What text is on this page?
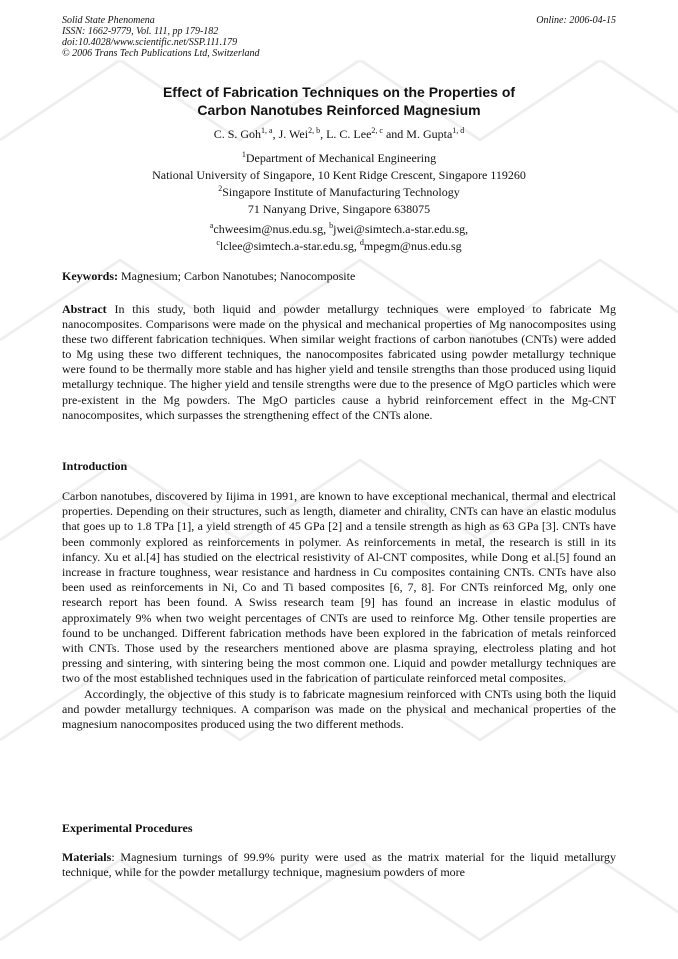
Solid State Phenomena
ISSN: 1662-9779, Vol. 111, pp 179-182
doi:10.4028/www.scientific.net/SSP.111.179
© 2006 Trans Tech Publications Ltd, Switzerland
Online: 2006-04-15
Effect of Fabrication Techniques on the Properties of
Carbon Nanotubes Reinforced Magnesium
C. S. Goh$^{1, a}$, J. Wei$^{2, b}$, L. C. Lee$^{2, c}$ and M. Gupta$^{1, d}$
$^1$Department of Mechanical Engineering
National University of Singapore, 10 Kent Ridge Crescent, Singapore 119260
$^2$Singapore Institute of Manufacturing Technology
71 Nanyang Drive, Singapore 638075
$^a$chweesim@nus.edu.sg, $^b$jwei@simtech.a-star.edu.sg,
$^c$lclee@simtech.a-star.edu.sg, $^d$mpegm@nus.edu.sg
Keywords: Magnesium; Carbon Nanotubes; Nanocomposite

Abstract In this study, both liquid and powder metallurgy techniques were employed to fabricate Mg nanocomposites. Comparisons were made on the physical and mechanical properties of Mg nanocomposites using these two different fabrication techniques. When similar weight fractions of carbon nanotubes (CNTs) were added to Mg using these two different techniques, the nanocomposites fabricated using powder metallurgy technique were found to be thermally more stable and has higher yield and tensile strengths than those produced using liquid metallurgy technique. The higher yield and tensile strengths were due to the presence of MgO particles which were pre-existent in the Mg powders. The MgO particles cause a hybrid reinforcement effect in the Mg-CNT nanocomposites, which surpasses the strengthening effect of the CNTs alone.

Introduction

Carbon nanotubes, discovered by Iijima in 1991, are known to have exceptional mechanical, thermal and electrical properties. Depending on their structures, such as length, diameter and chirality, CNTs can have an elastic modulus that goes up to 1.8 TPa [1], a yield strength of 45 GPa [2] and a tensile strength as high as 63 GPa [3]. CNTs have been commonly explored as reinforcements in polymer. As reinforcements in metal, the research is still in its infancy. Xu et al.[4] has studied on the electrical resistivity of Al-CNT composites, while Dong et al.[5] found an increase in fracture toughness, wear resistance and hardness in Cu composites containing CNTs. CNTs have also been used as reinforcements in Ni, Co and Ti based composites [6, 7, 8]. For CNTs reinforced Mg, only one research report has been found. A Swiss research team [9] has found an increase in elastic modulus of approximately 9% when two weight percentages of CNTs are used to reinforce Mg. Other tensile properties are found to be unchanged. Different fabrication methods have been explored in the fabrication of metals reinforced with CNTs. Those used by the researchers mentioned above are plasma spraying, electroless plating and hot pressing and sintering, with sintering being the most common one. Liquid and powder metallurgy techniques are two of the most established techniques used in the fabrication of particulate reinforced metal composites.

Accordingly, the objective of this study is to fabricate magnesium reinforced with CNTs using both the liquid and powder metallurgy techniques. A comparison was made on the physical and mechanical properties of the magnesium nanocomposites produced using the two different methods.

Experimental Procedures
Materials: Magnesium turnings of 99.9% purity were used as the matrix material for the liquid metallurgy technique, while for the powder metallurgy technique, magnesium powders of more
